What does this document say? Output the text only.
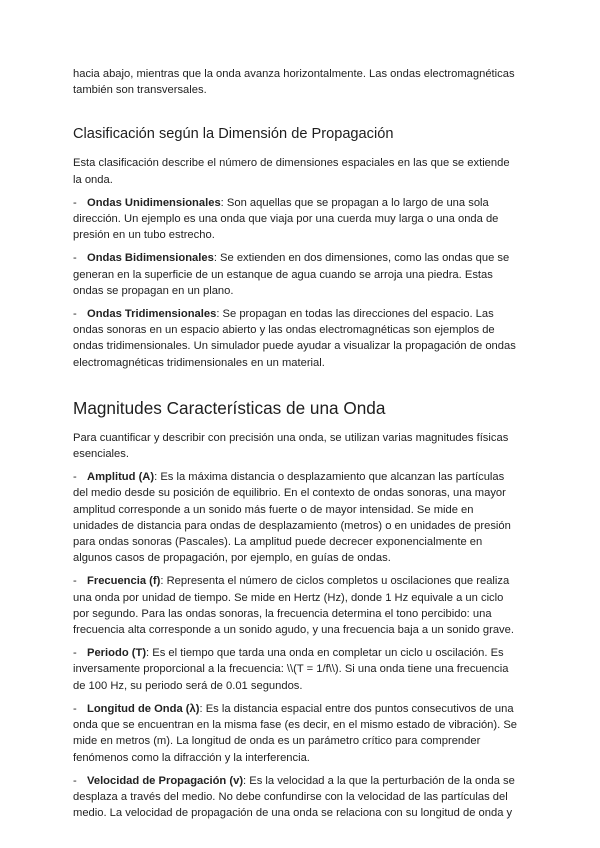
hacia abajo, mientras que la onda avanza horizontalmente. Las ondas electromagnéticas también son transversales.

Clasificación según la Dimensión de Propagación

Esta clasificación describe el número de dimensiones espaciales en las que se extiende la onda.

- Ondas Unidimensionales: Son aquellas que se propagan a lo largo de una sola dirección. Un ejemplo es una onda que viaja por una cuerda muy larga o una onda de presión en un tubo estrecho.

- Ondas Bidimensionales: Se extienden en dos dimensiones, como las ondas que se generan en la superficie de un estanque de agua cuando se arroja una piedra. Estas ondas se propagan en un plano.

- Ondas Tridimensionales: Se propagan en todas las direcciones del espacio. Las ondas sonoras en un espacio abierto y las ondas electromagnéticas son ejemplos de ondas tridimensionales. Un simulador puede ayudar a visualizar la propagación de ondas electromagnéticas tridimensionales en un material.

Magnitudes Características de una Onda

Para cuantificar y describir con precisión una onda, se utilizan varias magnitudes físicas esenciales.

- Amplitud (A): Es la máxima distancia o desplazamiento que alcanzan las partículas del medio desde su posición de equilibrio. En el contexto de ondas sonoras, una mayor amplitud corresponde a un sonido más fuerte o de mayor intensidad. Se mide en unidades de distancia para ondas de desplazamiento (metros) o en unidades de presión para ondas sonoras (Pascales). La amplitud puede decrecer exponencialmente en algunos casos de propagación, por ejemplo, en guías de ondas.

- Frecuencia (f): Representa el número de ciclos completos u oscilaciones que realiza una onda por unidad de tiempo. Se mide en Hertz (Hz), donde 1 Hz equivale a un ciclo por segundo. Para las ondas sonoras, la frecuencia determina el tono percibido: una frecuencia alta corresponde a un sonido agudo, y una frecuencia baja a un sonido grave.

- Periodo (T): Es el tiempo que tarda una onda en completar un ciclo u oscilación. Es inversamente proporcional a la frecuencia: \\(T = 1/f\\). Si una onda tiene una frecuencia de 100 Hz, su periodo será de 0.01 segundos.

- Longitud de Onda (λ): Es la distancia espacial entre dos puntos consecutivos de una onda que se encuentran en la misma fase (es decir, en el mismo estado de vibración). Se mide en metros (m). La longitud de onda es un parámetro crítico para comprender fenómenos como la difracción y la interferencia.

- Velocidad de Propagación (v): Es la velocidad a la que la perturbación de la onda se desplaza a través del medio. No debe confundirse con la velocidad de las partículas del medio. La velocidad de propagación de una onda se relaciona con su longitud de onda y
